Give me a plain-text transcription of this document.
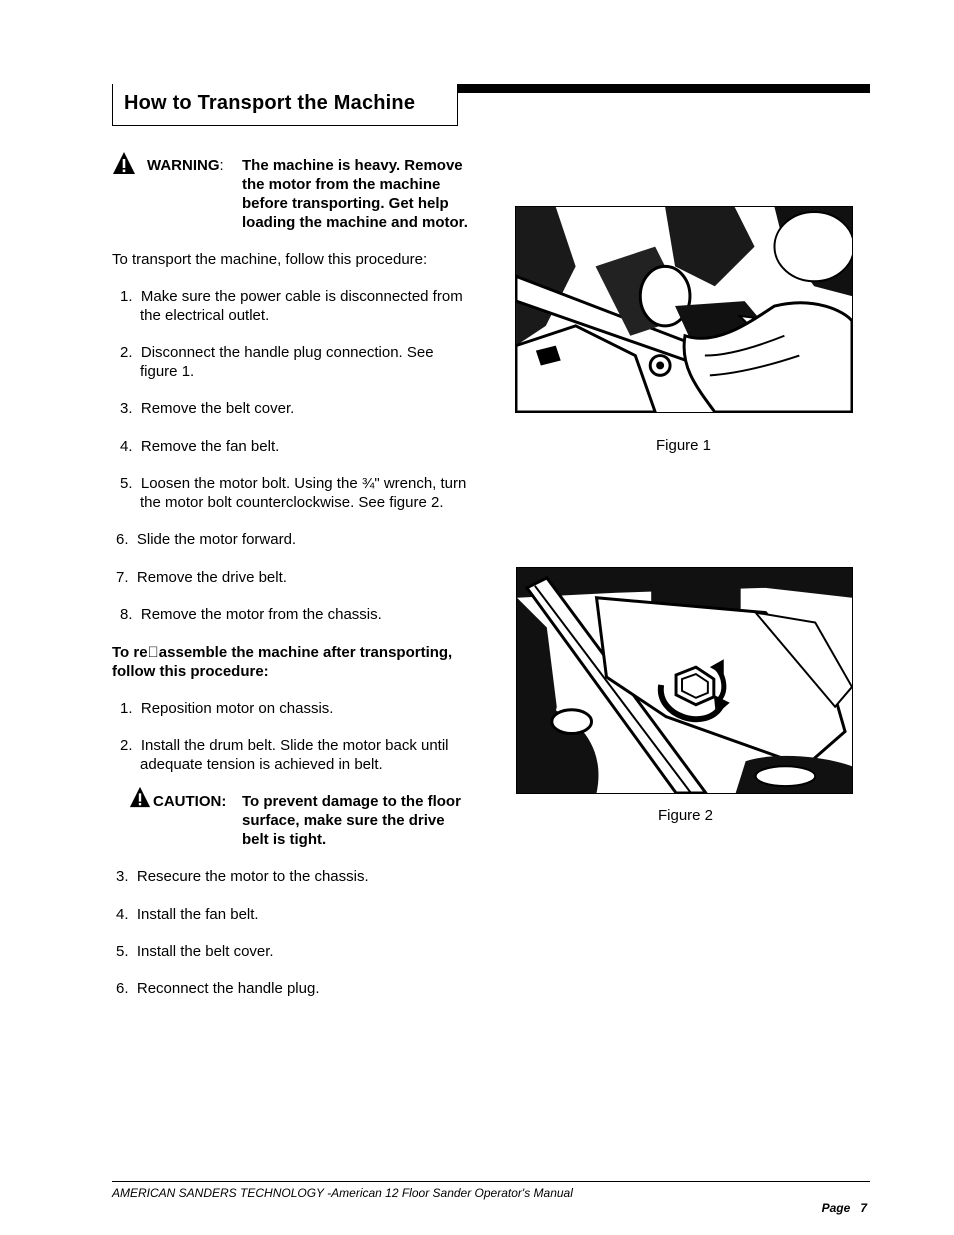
How to Transport the Machine
WARNING: The machine is heavy. Remove
the motor from the machine
before transporting. Get help
loading the machine and motor.
To transport the machine, follow this procedure:
1. Make sure the power cable is disconnected from
the electrical outlet.
2. Disconnect the handle plug connection. See
figure 1.
3. Remove the belt cover.
4. Remove the fan belt.
5. Loosen the motor bolt. Using the ¾" wrench, turn
the motor bolt counterclockwise. See figure 2.
6. Slide the motor forward.
7. Remove the drive belt.
8. Remove the motor from the chassis.
To re assemble the machine after transporting,
follow this procedure:
1. Reposition motor on chassis.
2. Install the drum belt. Slide the motor back until
adequate tension is achieved in belt.
CAUTION: To prevent damage to the floor
surface, make sure the drive
belt is tight.
3. Resecure the motor to the chassis.
4. Install the fan belt.
5. Install the belt cover.
6. Reconnect the handle plug.
Figure 1
Figure 2
AMERICAN SANDERS TECHNOLOGY -American 12 Floor Sander Operator's Manual
Page 7
